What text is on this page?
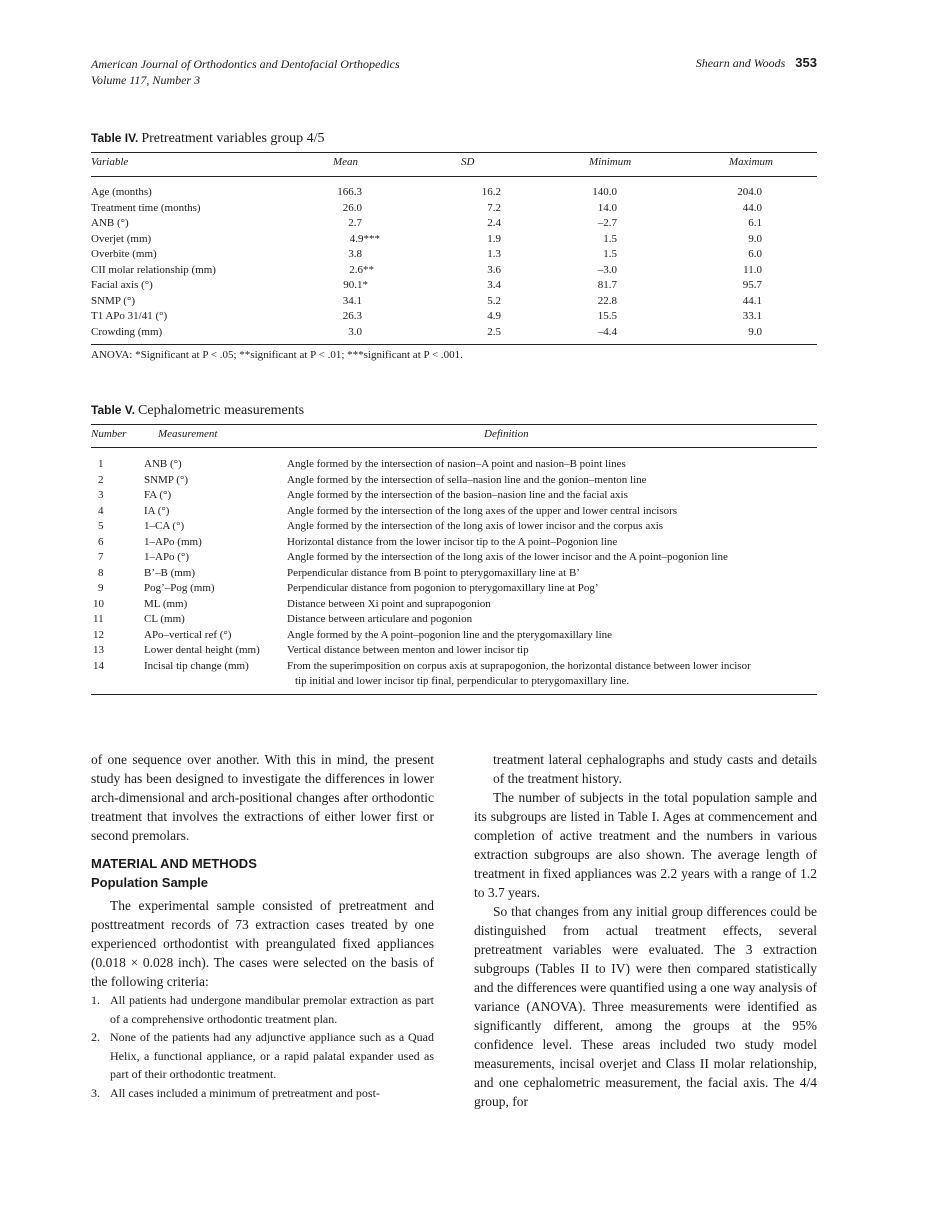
American Journal of Orthodontics and Dentofacial Orthopedics
Volume 117, Number 3
Shearn and Woods 353
Table IV. Pretreatment variables group 4/5
Variable	Mean	SD	Minimum	Maximum
Age (months)	166.3	16.2	140.0	204.0
Treatment time (months)	26.0	7.2	14.0	44.0
ANB (°)	2.7	2.4	–2.7	6.1
Overjet (mm)	4.9***	1.9	1.5	9.0
Overbite (mm)	3.8	1.3	1.5	6.0
CII molar relationship (mm)	2.6**	3.6	–3.0	11.0
Facial axis (°)	90.1*	3.4	81.7	95.7
SNMP (°)	34.1	5.2	22.8	44.1
T1 APo 31/41 (°)	26.3	4.9	15.5	33.1
Crowding (mm)	3.0	2.5	–4.4	9.0
ANOVA: *Significant at P < .05; **significant at P < .01; ***significant at P < .001.
Table V. Cephalometric measurements
Number	Measurement	Definition
1	ANB (°)	Angle formed by the intersection of nasion–A point and nasion–B point lines
2	SNMP (°)	Angle formed by the intersection of sella–nasion line and the gonion–menton line
3	FA (°)	Angle formed by the intersection of the basion–nasion line and the facial axis
4	IA (°)	Angle formed by the intersection of the long axes of the upper and lower central incisors
5	1–CA (°)	Angle formed by the intersection of the long axis of lower incisor and the corpus axis
6	1–APo (mm)	Horizontal distance from the lower incisor tip to the A point–Pogonion line
7	1–APo (°)	Angle formed by the intersection of the long axis of the lower incisor and the A point–pogonion line
8	B’–B (mm)	Perpendicular distance from B point to pterygomaxillary line at B’
9	Pog’–Pog (mm)	Perpendicular distance from pogonion to pterygomaxillary line at Pog’
10	ML (mm)	Distance between Xi point and suprapogonion
11	CL (mm)	Distance between articulare and pogonion
12	APo–vertical ref (°)	Angle formed by the A point–pogonion line and the pterygomaxillary line
13	Lower dental height (mm)	Vertical distance between menton and lower incisor tip
14	Incisal tip change (mm)	From the superimposition on corpus axis at suprapogonion, the horizontal distance between lower incisor
tip initial and lower incisor tip final, perpendicular to pterygomaxillary line.

of one sequence over another. With this in mind, the present study has been designed to investigate the differences in lower arch-dimensional and arch-positional changes after orthodontic treatment that involves the extractions of either lower first or second premolars.

MATERIAL AND METHODS

Population Sample

The experimental sample consisted of pretreatment and posttreatment records of 73 extraction cases treated by one experienced orthodontist with preangulated fixed appliances (0.018 × 0.028 inch). The cases were selected on the basis of the following criteria:

1. All patients had undergone mandibular premolar extraction as part of a comprehensive orthodontic treatment plan.
2. None of the patients had any adjunctive appliance such as a Quad Helix, a functional appliance, or a rapid palatal expander used as part of their orthodontic treatment.
3. All cases included a minimum of pretreatment and post-

treatment lateral cephalographs and study casts and details of the treatment history.

The number of subjects in the total population sample and its subgroups are listed in Table I. Ages at commencement and completion of active treatment and the numbers in various extraction subgroups are also shown. The average length of treatment in fixed appliances was 2.2 years with a range of 1.2 to 3.7 years.

So that changes from any initial group differences could be distinguished from actual treatment effects, several pretreatment variables were evaluated. The 3 extraction subgroups (Tables II to IV) were then compared statistically and the differences were quantified using a one way analysis of variance (ANOVA). Three measurements were identified as significantly different, among the groups at the 95% confidence level. These areas included two study model measurements, incisal overjet and Class II molar relationship, and one cephalometric measurement, the facial axis. The 4/4 group, for
